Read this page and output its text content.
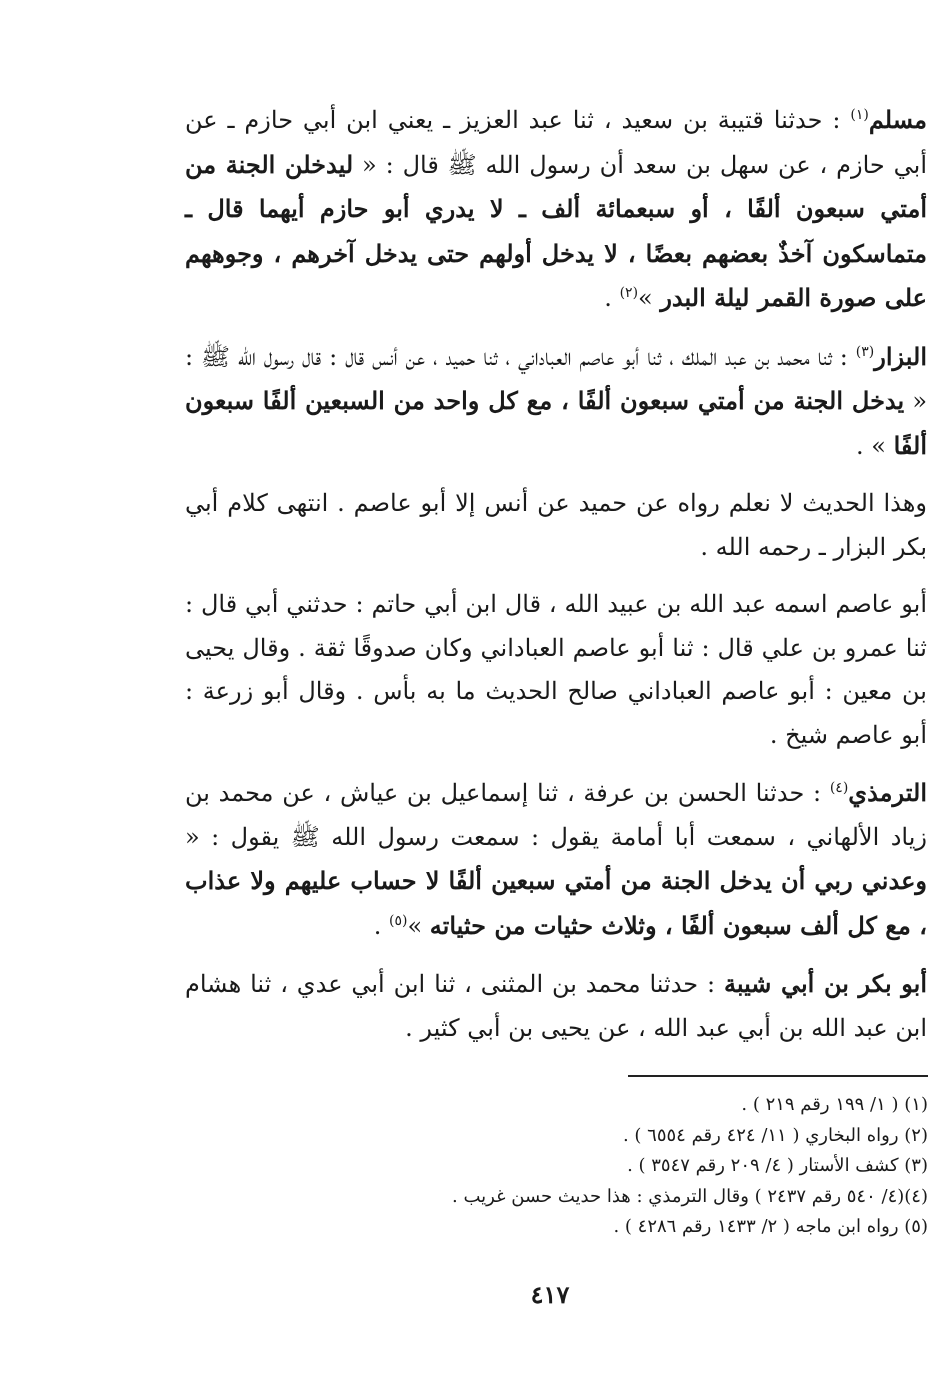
مسلم$^{(١)}$ : حدثنا قتيبة بن سعيد ، ثنا عبد العزيز ـ يعني ابن أبي حازم ـ عن أبي حازم ، عن سهل بن سعد أن رسول الله ﷺ قال : « ليدخلن الجنة من أمتي سبعون ألفًا ، أو سبعمائة ألف ـ لا يدري أبو حازم أيهما قال ـ متماسكون آخذٌ بعضهم بعضًا ، لا يدخل أولهم حتى يدخل آخرهم ، وجوههم على صورة القمر ليلة البدر »$^{(٢)}$ .

البزار$^{(٣)}$ : ثنا محمد بن عبد الملك ، ثنا أبو عاصم العباداني ، ثنا حميد ، عن أنس قال : قال رسول الله ﷺ : « يدخل الجنة من أمتي سبعون ألفًا ، مع كل واحد من السبعين ألفًا سبعون ألفًا » .

وهذا الحديث لا نعلم رواه عن حميد عن أنس إلا أبو عاصم . انتهى كلام أبي بكر البزار ـ رحمه الله .

أبو عاصم اسمه عبد الله بن عبيد الله ، قال ابن أبي حاتم : حدثني أبي قال : ثنا عمرو بن علي قال : ثنا أبو عاصم العباداني وكان صدوقًا ثقة . وقال يحيى بن معين : أبو عاصم العباداني صالح الحديث ما به بأس . وقال أبو زرعة : أبو عاصم شيخ .

الترمذي$^{(٤)}$ : حدثنا الحسن بن عرفة ، ثنا إسماعيل بن عياش ، عن محمد بن زياد الألهاني ، سمعت أبا أمامة يقول : سمعت رسول الله ﷺ يقول : « وعدني ربي أن يدخل الجنة من أمتي سبعين ألفًا لا حساب عليهم ولا عذاب ، مع كل ألف سبعون ألفًا ، وثلاث حثيات من حثياته »$^{(٥)}$ .

أبو بكر بن أبي شيبة : حدثنا محمد بن المثنى ، ثنا ابن أبي عدي ، ثنا هشام ابن عبد الله بن أبي عبد الله ، عن يحيى بن أبي كثير .

(١) ( ١/ ١٩٩ رقم ٢١٩ ) .

(٢) رواه البخاري ( ١١/ ٤٢٤ رقم ٦٥٥٤ ) .

(٣) كشف الأستار ( ٤/ ٢٠٩ رقم ٣٥٤٧ ) .

(٤)(٤/ ٥٤٠ رقم ٢٤٣٧ ) وقال الترمذي : هذا حديث حسن غريب .

(٥) رواه ابن ماجه ( ٢/ ١٤٣٣ رقم ٤٢٨٦ ) .

٤١٧
